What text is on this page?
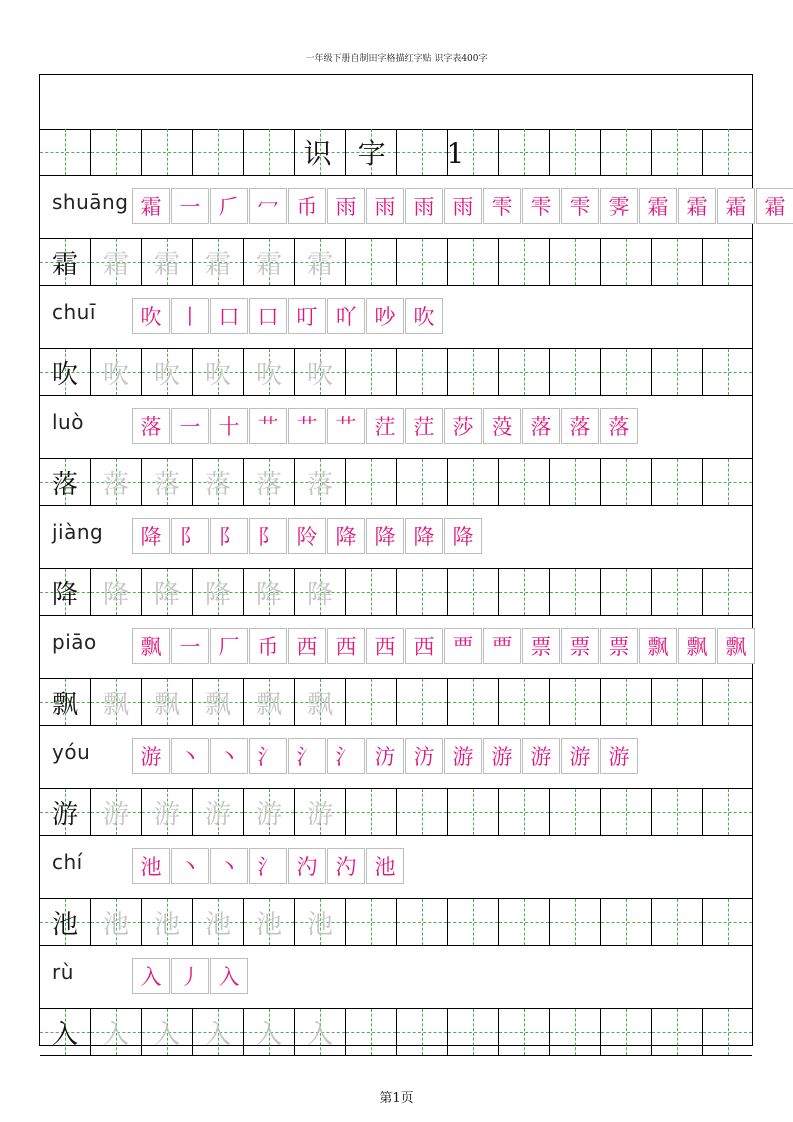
一年级下册自制田字格描红字贴 识字表400字
识字 1
shuāng 霜 一 𠂆 冖 币 雨 雨 雨 雨 雫 雫 雫 霁 霜 霜 霜 霜
霜 霜 霜 霜 霜 霜
chuī	吹 丨 口 口 叮 吖 吵 吹
吹 吹 吹 吹 吹 吹
luò	落 一 十 艹 艹 艹 茳 茳 莎 莈 落 落 落
落 落 落 落 落 落
jiàng	降 阝 阝 阝 阾 降 降 降 降
降 降 降 降 降 降
piāo	飘 一 厂 币 西 西 西 西 覀 覀 票 票 票 飘 飘 飘
飘 飘 飘 飘 飘 飘
yóu	游 丶 丶 氵 氵 氵 汸 汸 游 游 游 游 游
游 游 游 游 游 游
chí	池 丶 丶 氵 汋 汋 池
池 池 池 池 池 池
rù	入 丿 入
入 入 入 入 入 入
第1页
